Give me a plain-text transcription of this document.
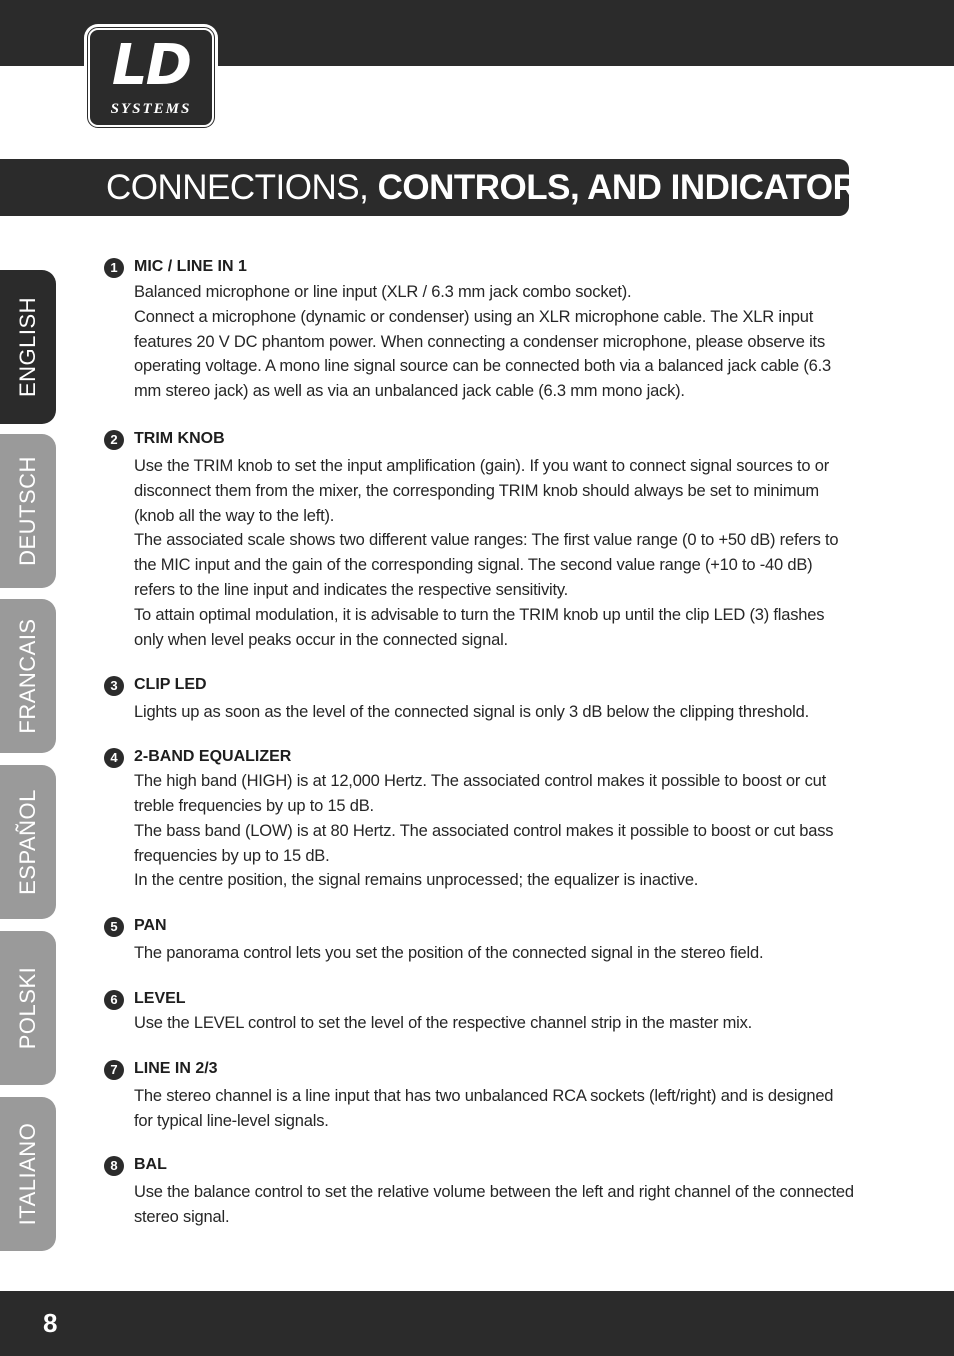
LD
SYSTEMS
CONNECTIONS, CONTROLS, AND INDICATORS:
ENGLISH
DEUTSCH
FRANCAIS
ESPAÑOL
POLSKI
ITALIANO
1	MIC / LINE IN 1

Balanced microphone or line input (XLR / 6.3 mm jack combo socket).

Connect a microphone (dynamic or condenser) using an XLR microphone cable. The XLR input features 20 V DC phantom power. When connecting a condenser microphone, please observe its operating voltage. A mono line signal source can be connected both via a balanced jack cable (6.3 mm stereo jack) as well as via an unbalanced jack cable (6.3 mm mono jack).

2	TRIM KNOB

Use the TRIM knob to set the input amplification (gain). If you want to connect signal sources to or disconnect them from the mixer, the corresponding TRIM knob should always be set to minimum (knob all the way to the left).

The associated scale shows two different value ranges: The first value range (0 to +50 dB) refers to the MIC input and the gain of the corresponding signal. The second value range (+10 to -40 dB) refers to the line input and indicates the respective sensitivity.

To attain optimal modulation, it is advisable to turn the TRIM knob up until the clip LED (3) flashes only when level peaks occur in the connected signal.

3	CLIP LED

Lights up as soon as the level of the connected signal is only 3 dB below the clipping threshold.

4	2-BAND EQUALIZER

The high band (HIGH) is at 12,000 Hertz. The associated control makes it possible to boost or cut treble frequencies by up to 15 dB.

The bass band (LOW) is at 80 Hertz. The associated control makes it possible to boost or cut bass frequencies by up to 15 dB.

In the centre position, the signal remains unprocessed; the equalizer is inactive.

5	PAN

The panorama control lets you set the position of the connected signal in the stereo field.

6	LEVEL

Use the LEVEL control to set the level of the respective channel strip in the master mix.

7	LINE IN 2/3

The stereo channel is a line input that has two unbalanced RCA sockets (left/right) and is designed for typical line-level signals.

8	BAL

Use the balance control to set the relative volume between the left and right channel of the connected stereo signal.

8
